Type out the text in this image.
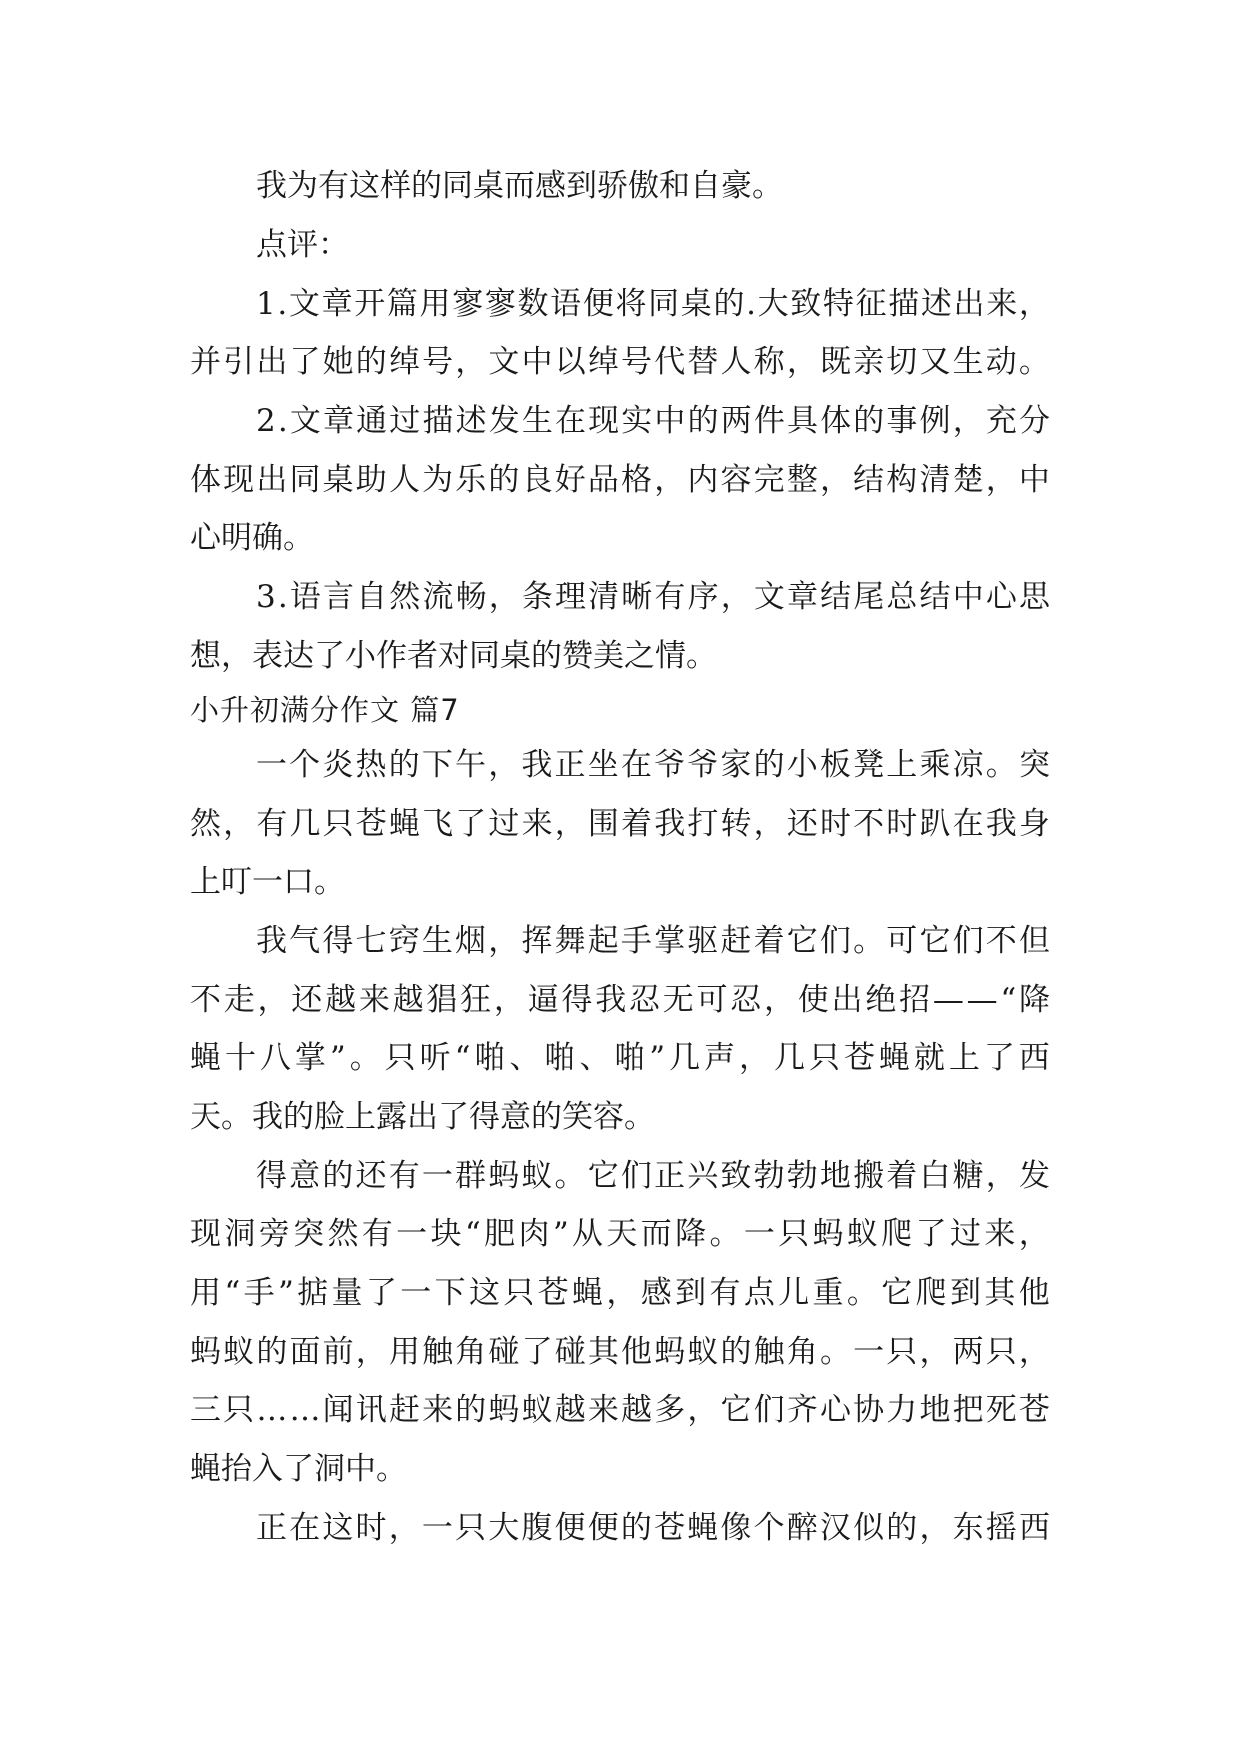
我为有这样的同桌而感到骄傲和自豪。
点评：
1 . 文 章 开 篇 用 寥 寥 数 语 便 将 同 桌 的 . 大 致 特 征 描 述 出 来 ，
并 引 出 了 她 的 绰 号 ， 文 中 以 绰 号 代 替 人 称 ， 既 亲 切 又 生 动 。
2 . 文 章 通 过 描 述 发 生 在 现 实 中 的 两 件 具 体 的 事 例 ， 充 分
体 现 出 同 桌 助 人 为 乐 的 良 好 品 格 ， 内 容 完 整 ， 结 构 清 楚 ， 中
心明确。
3 . 语 言 自 然 流 畅 ， 条 理 清 晰 有 序 ， 文 章 结 尾 总 结 中 心 思
想，表达了小作者对同桌的赞美之情。
小升初满分作文 篇7
一 个 炎 热 的 下 午 ， 我 正 坐 在 爷 爷 家 的 小 板 凳 上 乘 凉 。 突
然 ， 有 几 只 苍 蝇 飞 了 过 来 ， 围 着 我 打 转 ， 还 时 不 时 趴 在 我 身
上叮一口。
我 气 得 七 窍 生 烟 ， 挥 舞 起 手 掌 驱 赶 着 它 们 。 可 它 们 不 但
不 走 ， 还 越 来 越 猖 狂 ， 逼 得 我 忍 无 可 忍 ， 使 出 绝 招 — — “ 降
蝇 十 八 掌 ” 。 只 听 “ 啪 、 啪 、 啪 ” 几 声 ， 几 只 苍 蝇 就 上 了 西
天。我的脸上露出了得意的笑容。
得 意 的 还 有 一 群 蚂 蚁 。 它 们 正 兴 致 勃 勃 地 搬 着 白 糖 ， 发
现 洞 旁 突 然 有 一 块 “ 肥 肉 ” 从 天 而 降 。 一 只 蚂 蚁 爬 了 过 来 ，
用 “ 手 ” 掂 量 了 一 下 这 只 苍 蝇 ， 感 到 有 点 儿 重 。 它 爬 到 其 他
蚂 蚁 的 面 前 ， 用 触 角 碰 了 碰 其 他 蚂 蚁 的 触 角 。 一 只 ， 两 只 ，
三 只 … … 闻 讯 赶 来 的 蚂 蚁 越 来 越 多 ， 它 们 齐 心 协 力 地 把 死 苍
蝇抬入了洞中。
正 在 这 时 ， 一 只 大 腹 便 便 的 苍 蝇 像 个 醉 汉 似 的 ， 东 摇 西
